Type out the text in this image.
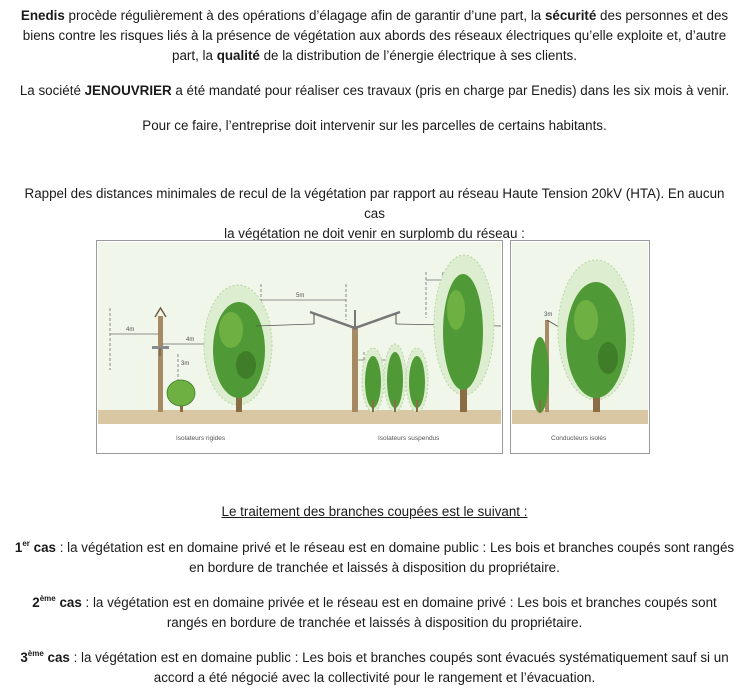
Enedis procède régulièrement à des opérations d’élagage afin de garantir d’une part, la sécurité des personnes et des
biens contre les risques liés à la présence de végétation aux abords des réseaux électriques qu’elle exploite et, d’autre
part, la qualité de la distribution de l’énergie électrique à ses clients.

La société JENOUVRIER a été mandaté pour réaliser ces travaux (pris en charge par Enedis) dans les six mois à venir.

Pour ce faire, l’entreprise doit intervenir sur les parcelles de certains habitants.

Rappel des distances minimales de recul de la végétation par rapport au réseau Haute Tension 20kV (HTA). En aucun cas
la végétation ne doit venir en surplomb du réseau :

4m
4m
3m
5m
Isolateurs rigides	Isolateurs suspendus
3m
Conducteurs isolés

Le traitement des branches coupées est le suivant :

1er cas : la végétation est en domaine privé et le réseau est en domaine public : Les bois et branches coupés sont rangés
en bordure de tranchée et laissés à disposition du propriétaire.

2ème cas : la végétation est en domaine privée et le réseau est en domaine privé : Les bois et branches coupés sont
rangés en bordure de tranchée et laissés à disposition du propriétaire.

3ème cas : la végétation est en domaine public : Les bois et branches coupés sont évacués systématiquement sauf si un
accord a été négocié avec la collectivité pour le rangement et l’évacuation.
